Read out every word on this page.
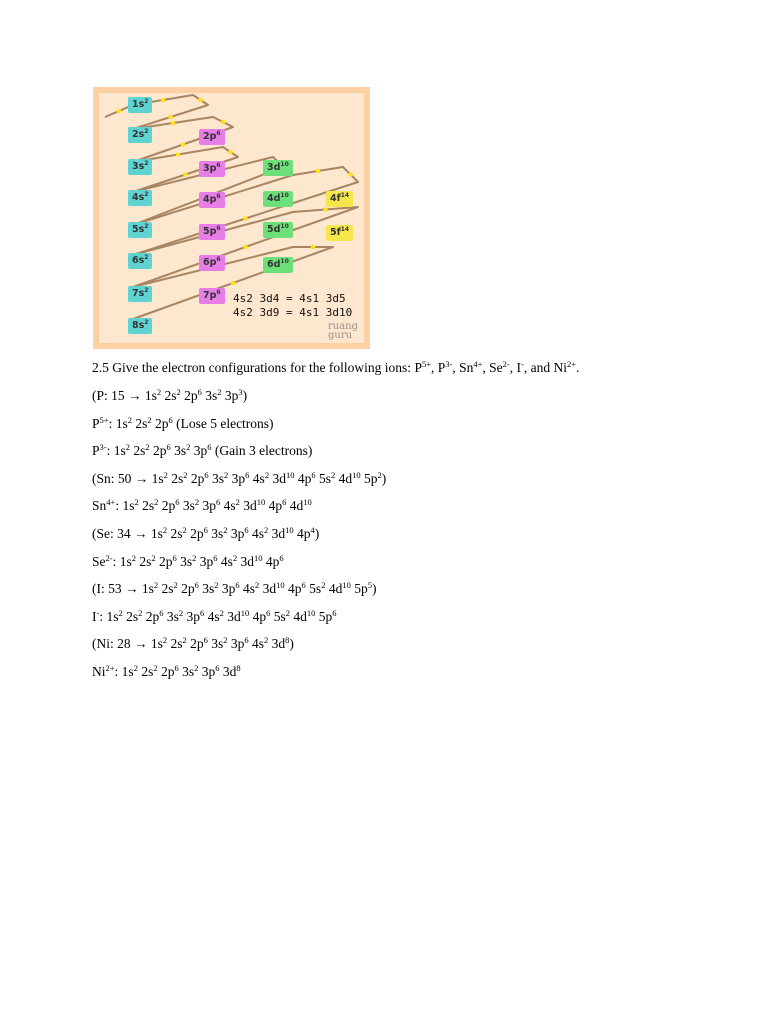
$1s^2$
$2s^2$
$3s^2$
$4s^2$
$5s^2$
$6s^2$
$7s^2$
$8s^2$
$2p^6$
$3p^6$
$4p^6$
$5p^6$
$6p^6$
$7p^6$
$3d^{10}$
$4d^{10}$
$5d^{10}$
$6d^{10}$
$4f^{14}$
$5f^{14}$
4s2 3d4 = 4s1 3d5
4s2 3d9 = 4s1 3d10
ruang
guru
2.5 Give the electron configurations for the following ions: $P^{5+}$, $P^{3-}$, $Sn^{4+}$, $Se^{2-}$, I-, and $Ni^{2+}$.
(P: $15 \to 1s^2$ $2s^2$ $2p^6$ $3s^2$ $3p^3$)
$P^{5+}$: $1s^2$ $2s^2$ $2p^6$ (Lose 5 electrons)
$P^{3-}$: $1s^2$ $2s^2$ $2p^6$ $3s^2$ $3p^6$ (Gain 3 electrons)
(Sn: $50 \to 1s^2$ $2s^2$ $2p^6$ $3s^2$ $3p^6$ $4s^2$ $3d^{10}$ $4p^6$ $5s^2$ $4d^{10}$ $5p^2$)
$Sn^{4+}$: $1s^2$ $2s^2$ $2p^6$ $3s^2$ $3p^6$ $4s^2$ $3d^{10}$ $4p^6$ $4d^{10}$
(Se: $34 \to 1s^2$ $2s^2$ $2p^6$ $3s^2$ $3p^6$ $4s^2$ $3d^{10}$ $4p^4$)
$Se^{2-}$: $1s^2$ $2s^2$ $2p^6$ $3s^2$ $3p^6$ $4s^2$ $3d^{10}$ $4p^6$
(I: $53 \to 1s^2$ $2s^2$ $2p^6$ $3s^2$ $3p^6$ $4s^2$ $3d^{10}$ $4p^6$ $5s^2$ $4d^{10}$ $5p^5$)
I-: $1s^2$ $2s^2$ $2p^6$ $3s^2$ $3p^6$ $4s^2$ $3d^{10}$ $4p^6$ $5s^2$ $4d^{10}$ $5p^6$
(Ni: $28 \to 1s^2$ $2s^2$ $2p^6$ $3s^2$ $3p^6$ $4s^2$ $3d^8$)
$Ni^{2+}$: $1s^2$ $2s^2$ $2p^6$ $3s^2$ $3p^6$ $3d^8$
